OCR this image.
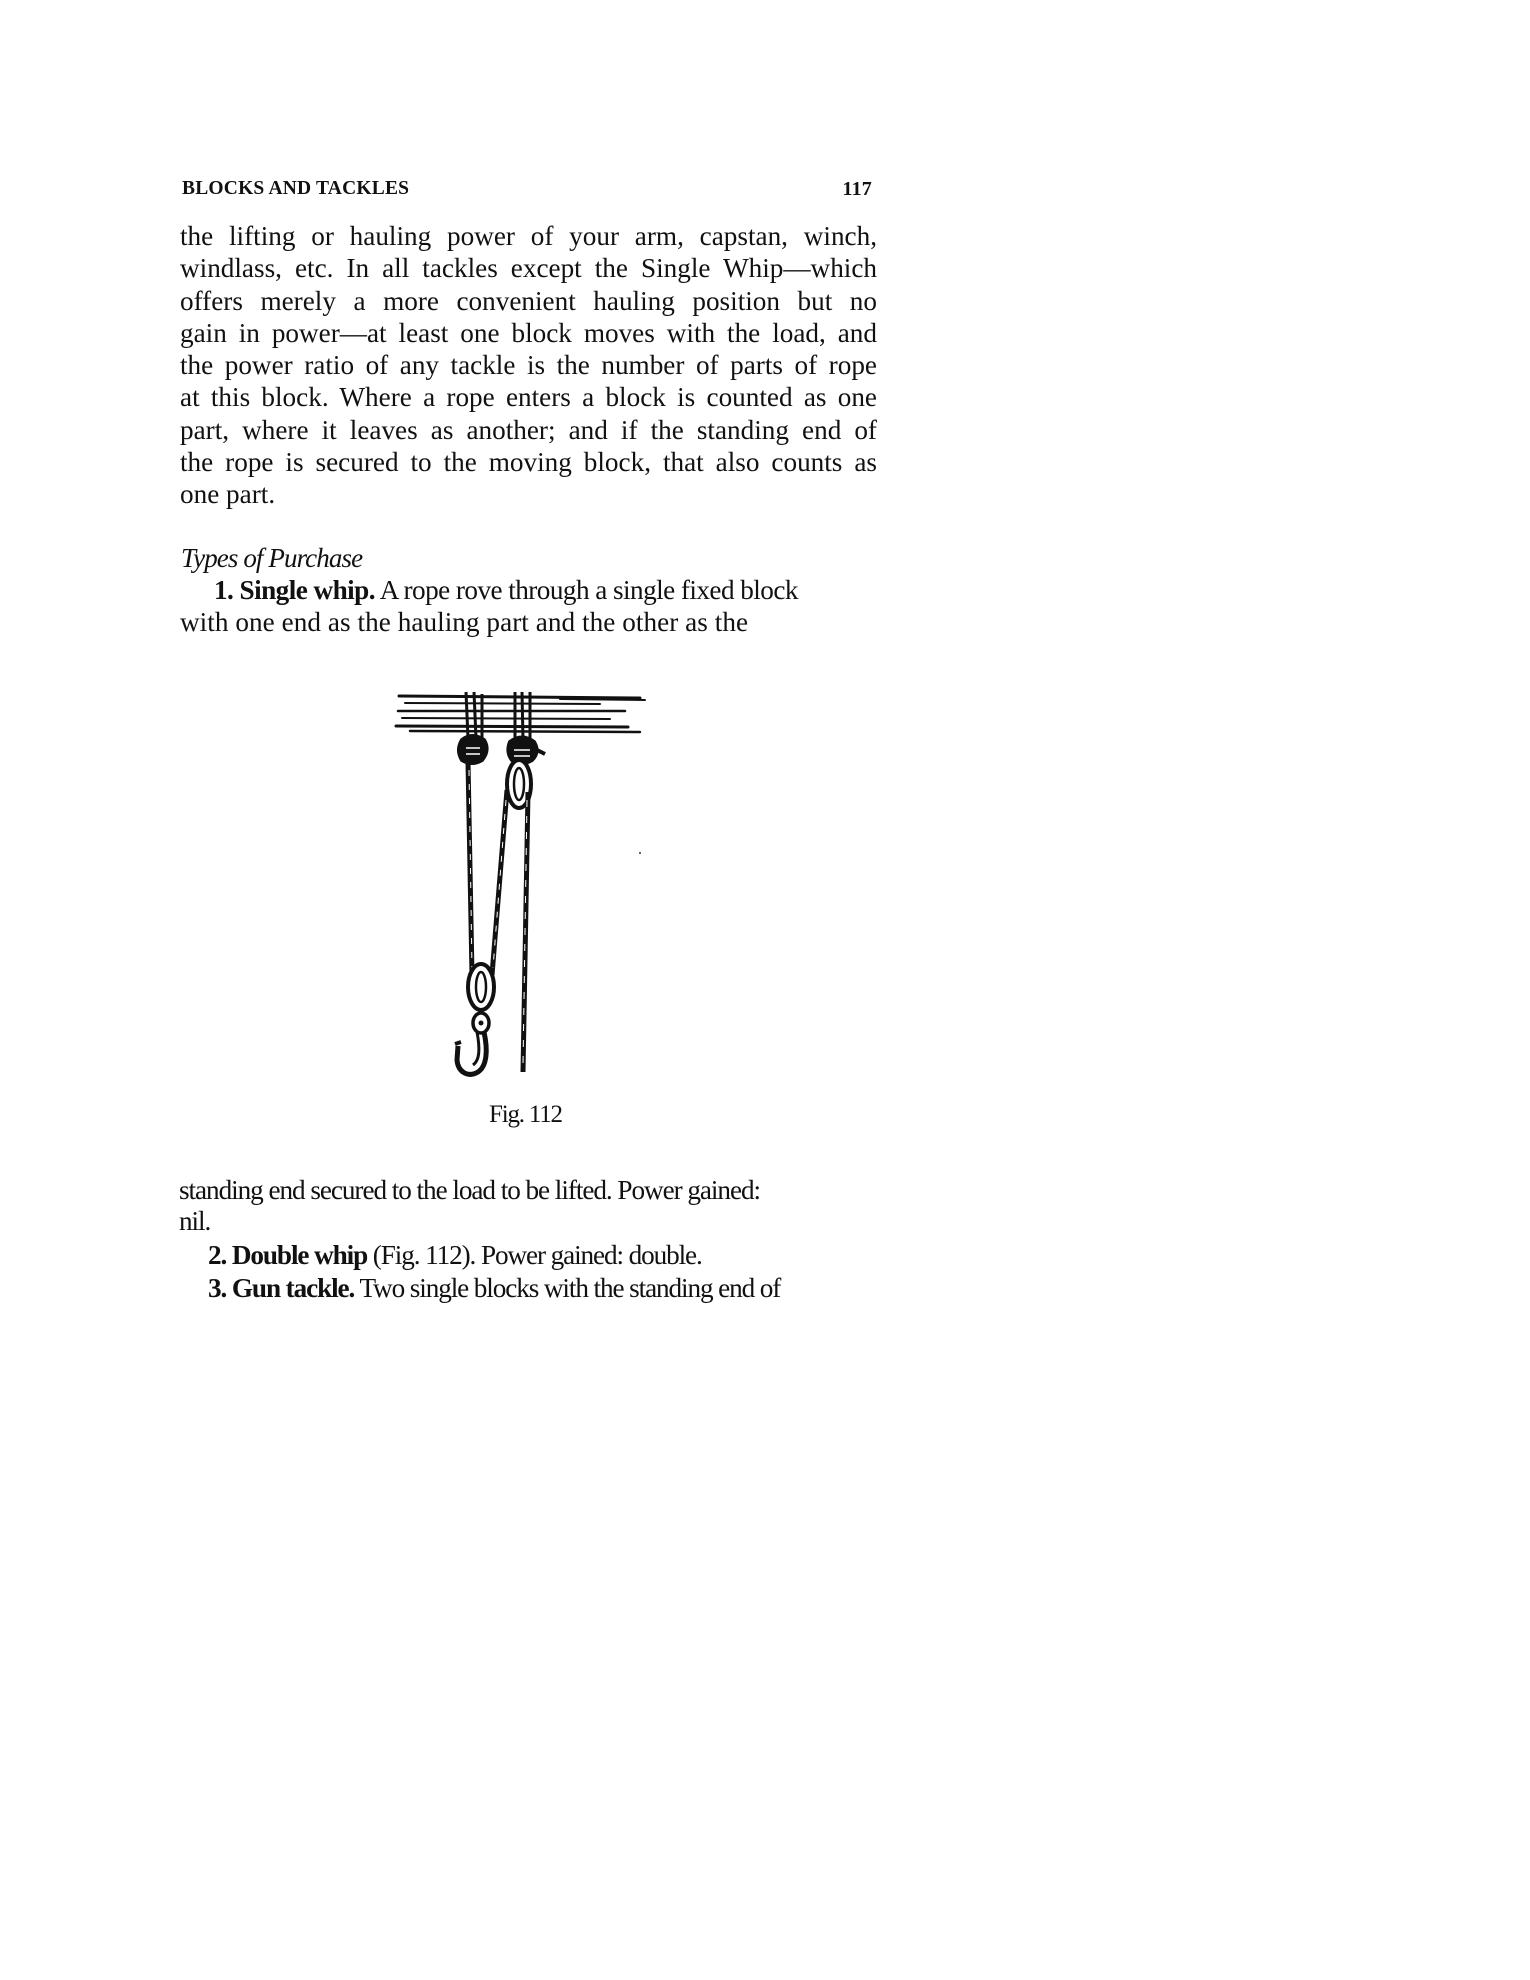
BLOCKS AND TACKLES	117
the lifting or hauling power of your arm, capstan, winch,
windlass, etc. In all tackles except the Single Whip—which
offers merely a more convenient hauling position but no
gain in power—at least one block moves with the load, and
the power ratio of any tackle is the number of parts of rope
at this block. Where a rope enters a block is counted as one
part, where it leaves as another; and if the standing end of
the rope is secured to the moving block, that also counts as
one part.
Types of Purchase
1. Single whip. A rope rove through a single fixed block
with one end as the hauling part and the other as the
Fig. 112
standing end secured to the load to be lifted. Power gained:
nil.
2. Double whip (Fig. 112). Power gained: double.
3. Gun tackle. Two single blocks with the standing end of
